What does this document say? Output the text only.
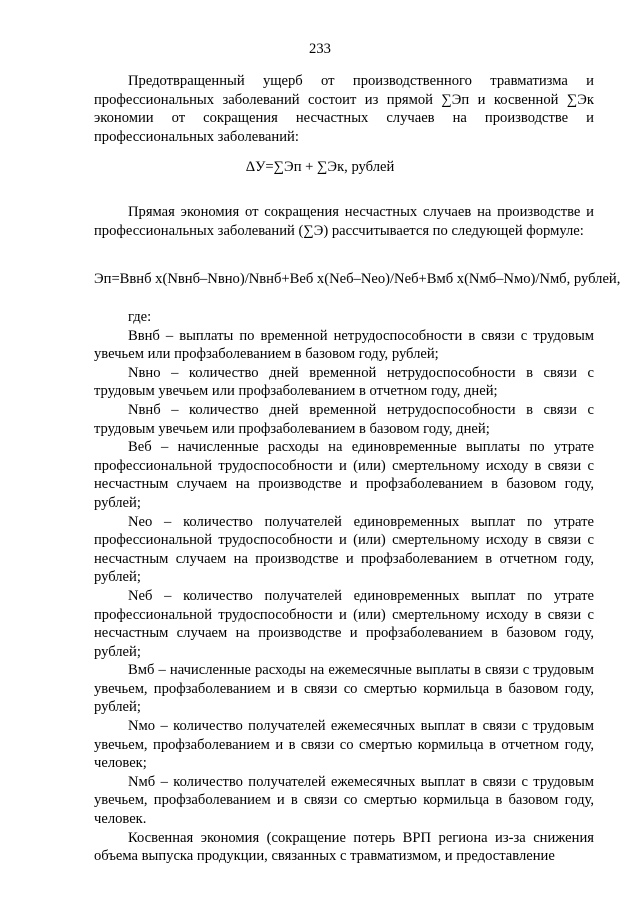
233

Предотвращенный ущерб от производственного травматизма и профессиональных заболеваний состоит из прямой ∑Эп и косвенной ∑Эк экономии от сокращения несчастных случаев на производстве и профессиональных заболеваний:

ΔУ=∑Эп + ∑Эк, рублей

Прямая экономия от сокращения несчастных случаев на производстве и профессиональных заболеваний (∑Э) рассчитывается по следующей формуле:

Эп=Ввнб х(Nвнб–Nвно)/Nвнб+Веб х(Nеб–Nео)/Nеб+Вмб х(Nмб–Nмо)/Nмб, рублей,

где:

Ввнб – выплаты по временной нетрудоспособности в связи с трудовым увечьем или профзаболеванием в базовом году, рублей;

Nвно – количество дней временной нетрудоспособности в связи с трудовым увечьем или профзаболеванием в отчетном году, дней;

Nвнб – количество дней временной нетрудоспособности в связи с трудовым увечьем или профзаболеванием в базовом году, дней;

Веб – начисленные расходы на единовременные выплаты по утрате профессиональной трудоспособности и (или) смертельному исходу в связи с несчастным случаем на производстве и профзаболеванием в базовом году, рублей;

Nео – количество получателей единовременных выплат по утрате профессиональной трудоспособности и (или) смертельному исходу в связи с несчастным случаем на производстве и профзаболеванием в отчетном году, рублей;

Nеб – количество получателей единовременных выплат по утрате профессиональной трудоспособности и (или) смертельному исходу в связи с несчастным случаем на производстве и профзаболеванием в базовом году, рублей;

Вмб – начисленные расходы на ежемесячные выплаты в связи с трудовым увечьем, профзаболеванием и в связи со смертью кормильца в базовом году, рублей;

Nмо – количество получателей ежемесячных выплат в связи с трудовым увечьем, профзаболеванием и в связи со смертью кормильца в отчетном году, человек;

Nмб – количество получателей ежемесячных выплат в связи с трудовым увечьем, профзаболеванием и в связи со смертью кормильца в базовом году, человек.

Косвенная экономия (сокращение потерь ВРП региона из-за снижения объема выпуска продукции, связанных с травматизмом, и предоставление
